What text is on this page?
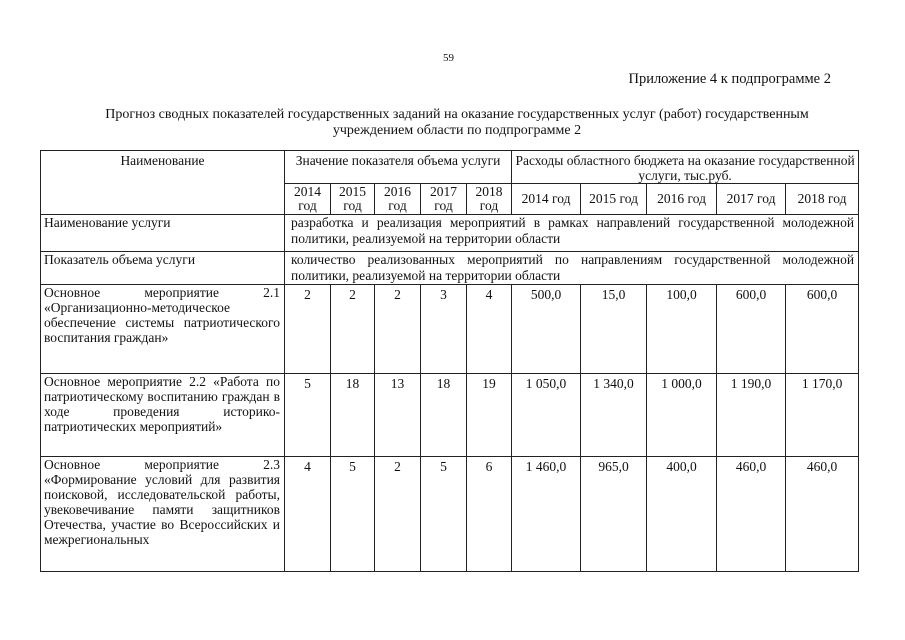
59
Приложение 4 к подпрограмме 2
Прогноз сводных показателей государственных заданий на оказание государственных услуг (работ) государственным
учреждением области по подпрограмме 2
Наименование	Значение показателя объема услуги					Расходы областного бюджета на оказание государственной услуги, тыс.руб.				
	2014 год	2015 год	2016 год	2017 год	2018 год	2014 год	2015 год	2016 год	2017 год	2018 год
Наименование услуги	разработка и реализация мероприятий в рамках направлений государственной молодежной политики, реализуемой на территории области									
Показатель объема услуги	количество реализованных мероприятий по направлениям государственной молодежной политики, реализуемой на территории области									
Основное мероприятие 2.1 «Организационно-методическое обеспечение системы патриотического воспитания граждан»	2	2	2	3	4	500,0	15,0	100,0	600,0	600,0
Основное мероприятие 2.2 «Работа по патриотическому воспитанию граждан в ходе проведения историко-патриотических мероприятий»	5	18	13	18	19	1 050,0	1 340,0	1 000,0	1 190,0	1 170,0
Основное мероприятие 2.3 «Формирование условий для развития поисковой, исследовательской работы, увековечивание памяти защитников Отечества, участие во Всероссийских и межрегиональных	4	5	2	5	6	1 460,0	965,0	400,0	460,0	460,0
